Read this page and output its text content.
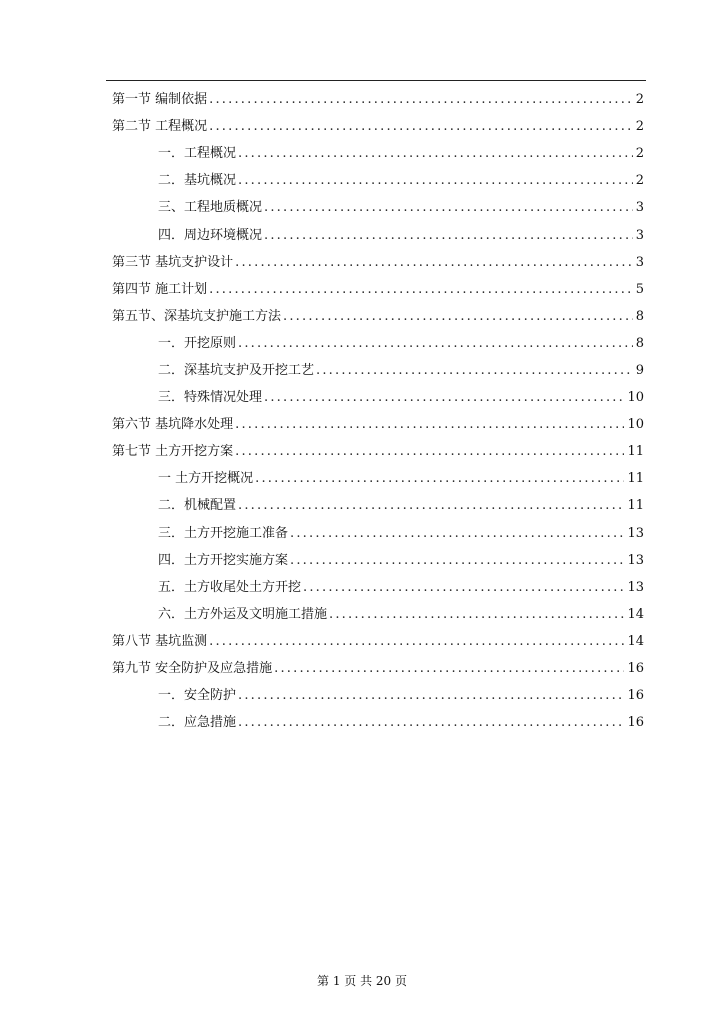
第一节 编制依据 .....	2
第二节 工程概况 .....	2
一．工程概况 .....	2
二．基坑概况 .....	2
三、工程地质概况 .....	3
四．周边环境概况 .....	3
第三节 基坑支护设计 .....	3
第四节 施工计划 .....	5
第五节、深基坑支护施工方法 .....	8
一．开挖原则 .....	8
二．深基坑支护及开挖工艺 .....	9
三．特殊情况处理 .....	10
第六节 基坑降水处理 .....	10
第七节 土方开挖方案 .....	11
一 土方开挖概况 .....	11
二．机械配置 .....	11
三．土方开挖施工准备 .....	13
四．土方开挖实施方案 .....	13
五．土方收尾处土方开挖 .....	13
六．土方外运及文明施工措施 .....	14
第八节 基坑监测 .....	14
第九节 安全防护及应急措施 .....	16
一．安全防护 .....	16
二．应急措施 .....	16
第 1 页 共 20 页
